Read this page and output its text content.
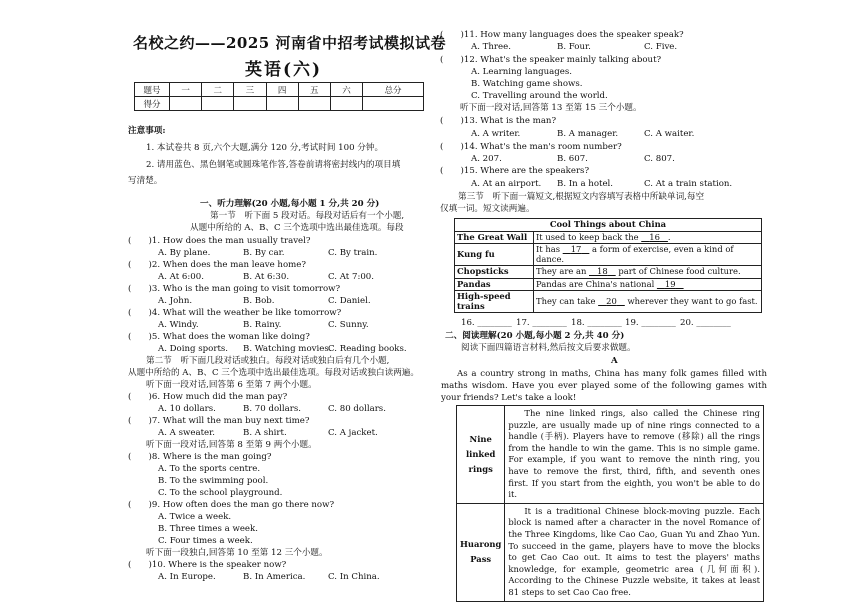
名校之约——2025 河南省中招考试模拟试卷
英语(六)
题号	一	二	三	四	五	六	总分
得分							
注意事项:
1. 本试卷共 8 页,六个大题,满分 120 分,考试时间 100 分钟。
2. 请用蓝色、黑色钢笔或圆珠笔作答,答卷前请将密封线内的项目填
写清楚。
一、听力理解(20 小题,每小题 1 分,共 20 分)
第一节　听下面 5 段对话。每段对话后有一个小题,
从题中所给的 A、B、C 三个选项中选出最佳选项。每段
(　　)1. How does the man usually travel?
A. By plane.	B. By car.	C. By train.
(　　)2. When does the man leave home?
A. At 6:00.	B. At 6:30.	C. At 7:00.
(　　)3. Who is the man going to visit tomorrow?
A. John.	B. Bob.	C. Daniel.
(　　)4. What will the weather be like tomorrow?
A. Windy.	B. Rainy.	C. Sunny.
(　　)5. What does the woman like doing?
A. Doing sports. B. Watching movies.
C. Reading books.
第二节　听下面几段对话或独白。每段对话或独白后有几个小题,
从题中所给的 A、B、C 三个选项中选出最佳选项。每段对话或独白读两遍。
听下面一段对话,回答第 6 至第 7 两个小题。
(　　)6. How much did the man pay?
A. 10 dollars.	B. 70 dollars.	C. 80 dollars.
(　　)7. What will the man buy next time?
A. A sweater.	B. A shirt.	C. A jacket.
听下面一段对话,回答第 8 至第 9 两个小题。
(　　)8. Where is the man going?
A. To the sports centre.
B. To the swimming pool.
C. To the school playground.
(　　)9. How often does the man go there now?
A. Twice a week.
B. Three times a week.
C. Four times a week.
听下面一段独白,回答第 10 至第 12 三个小题。
(　　)10. Where is the speaker now?
A. In Europe.	B. In America.	C. In China.
(　　)11. How many languages does the speaker speak?
A. Three.	B. Four.	C. Five.
(　　)12. What's the speaker mainly talking about?
A. Learning languages.
B. Watching game shows.
C. Travelling around the world.
听下面一段对话,回答第 13 至第 15 三个小题。
(　　)13. What is the man?
A. A writer.	B. A manager.	C. A waiter.
(　　)14. What's the man's room number?
A. 207.	B. 607.	C. 807.
(　　)15. Where are the speakers?
A. At an airport. B. In a hotel.	C. At a train station.
第三节　听下面一篇短文,根据短文内容填写表格中所缺单词,每空
仅填一词。短文读两遍。
Cool Things about China	
The Great Wall	It used to keep back the    16 .
Kung fu	It has    17    a form of exercise, even a kind of dance.
Chopsticks	They are an    18    part of Chinese food culture.
Pandas	Pandas are China's national    19
High-speed trains	They can take    20    wherever they want to go fast.
16. ________ 17. ________ 18. ________ 19. ________ 20. ________
二、阅读理解(20 小题,每小题 2 分,共 40 分)
阅读下面四篇语言材料,然后按文后要求做题。
A
As a country strong in maths, China has many folk games filled with maths wisdom. Have you ever played some of the following games with your friends? Let's take a look!
Nine linked rings	The nine linked rings, also called the Chinese ring puzzle, are usually made up of nine rings connected to a handle (手柄). Players have to remove (移除) all the rings from the handle to win the game. This is no simple game. For example, if you want to remove the ninth ring, you have to remove the first, third, fifth, and seventh ones first. If you start from the eighth, you won't be able to do it.
Huarong Pass	It is a traditional Chinese block-moving puzzle. Each block is named after a character in the novel Romance of the Three Kingdoms, like Cao Cao, Guan Yu and Zhao Yun. To succeed in the game, players have to move the blocks to get Cao Cao out. It aims to test the players' maths knowledge, for example, geometric area (几何面积). According to the Chinese Puzzle website, it takes at least 81 steps to set Cao Cao free.
